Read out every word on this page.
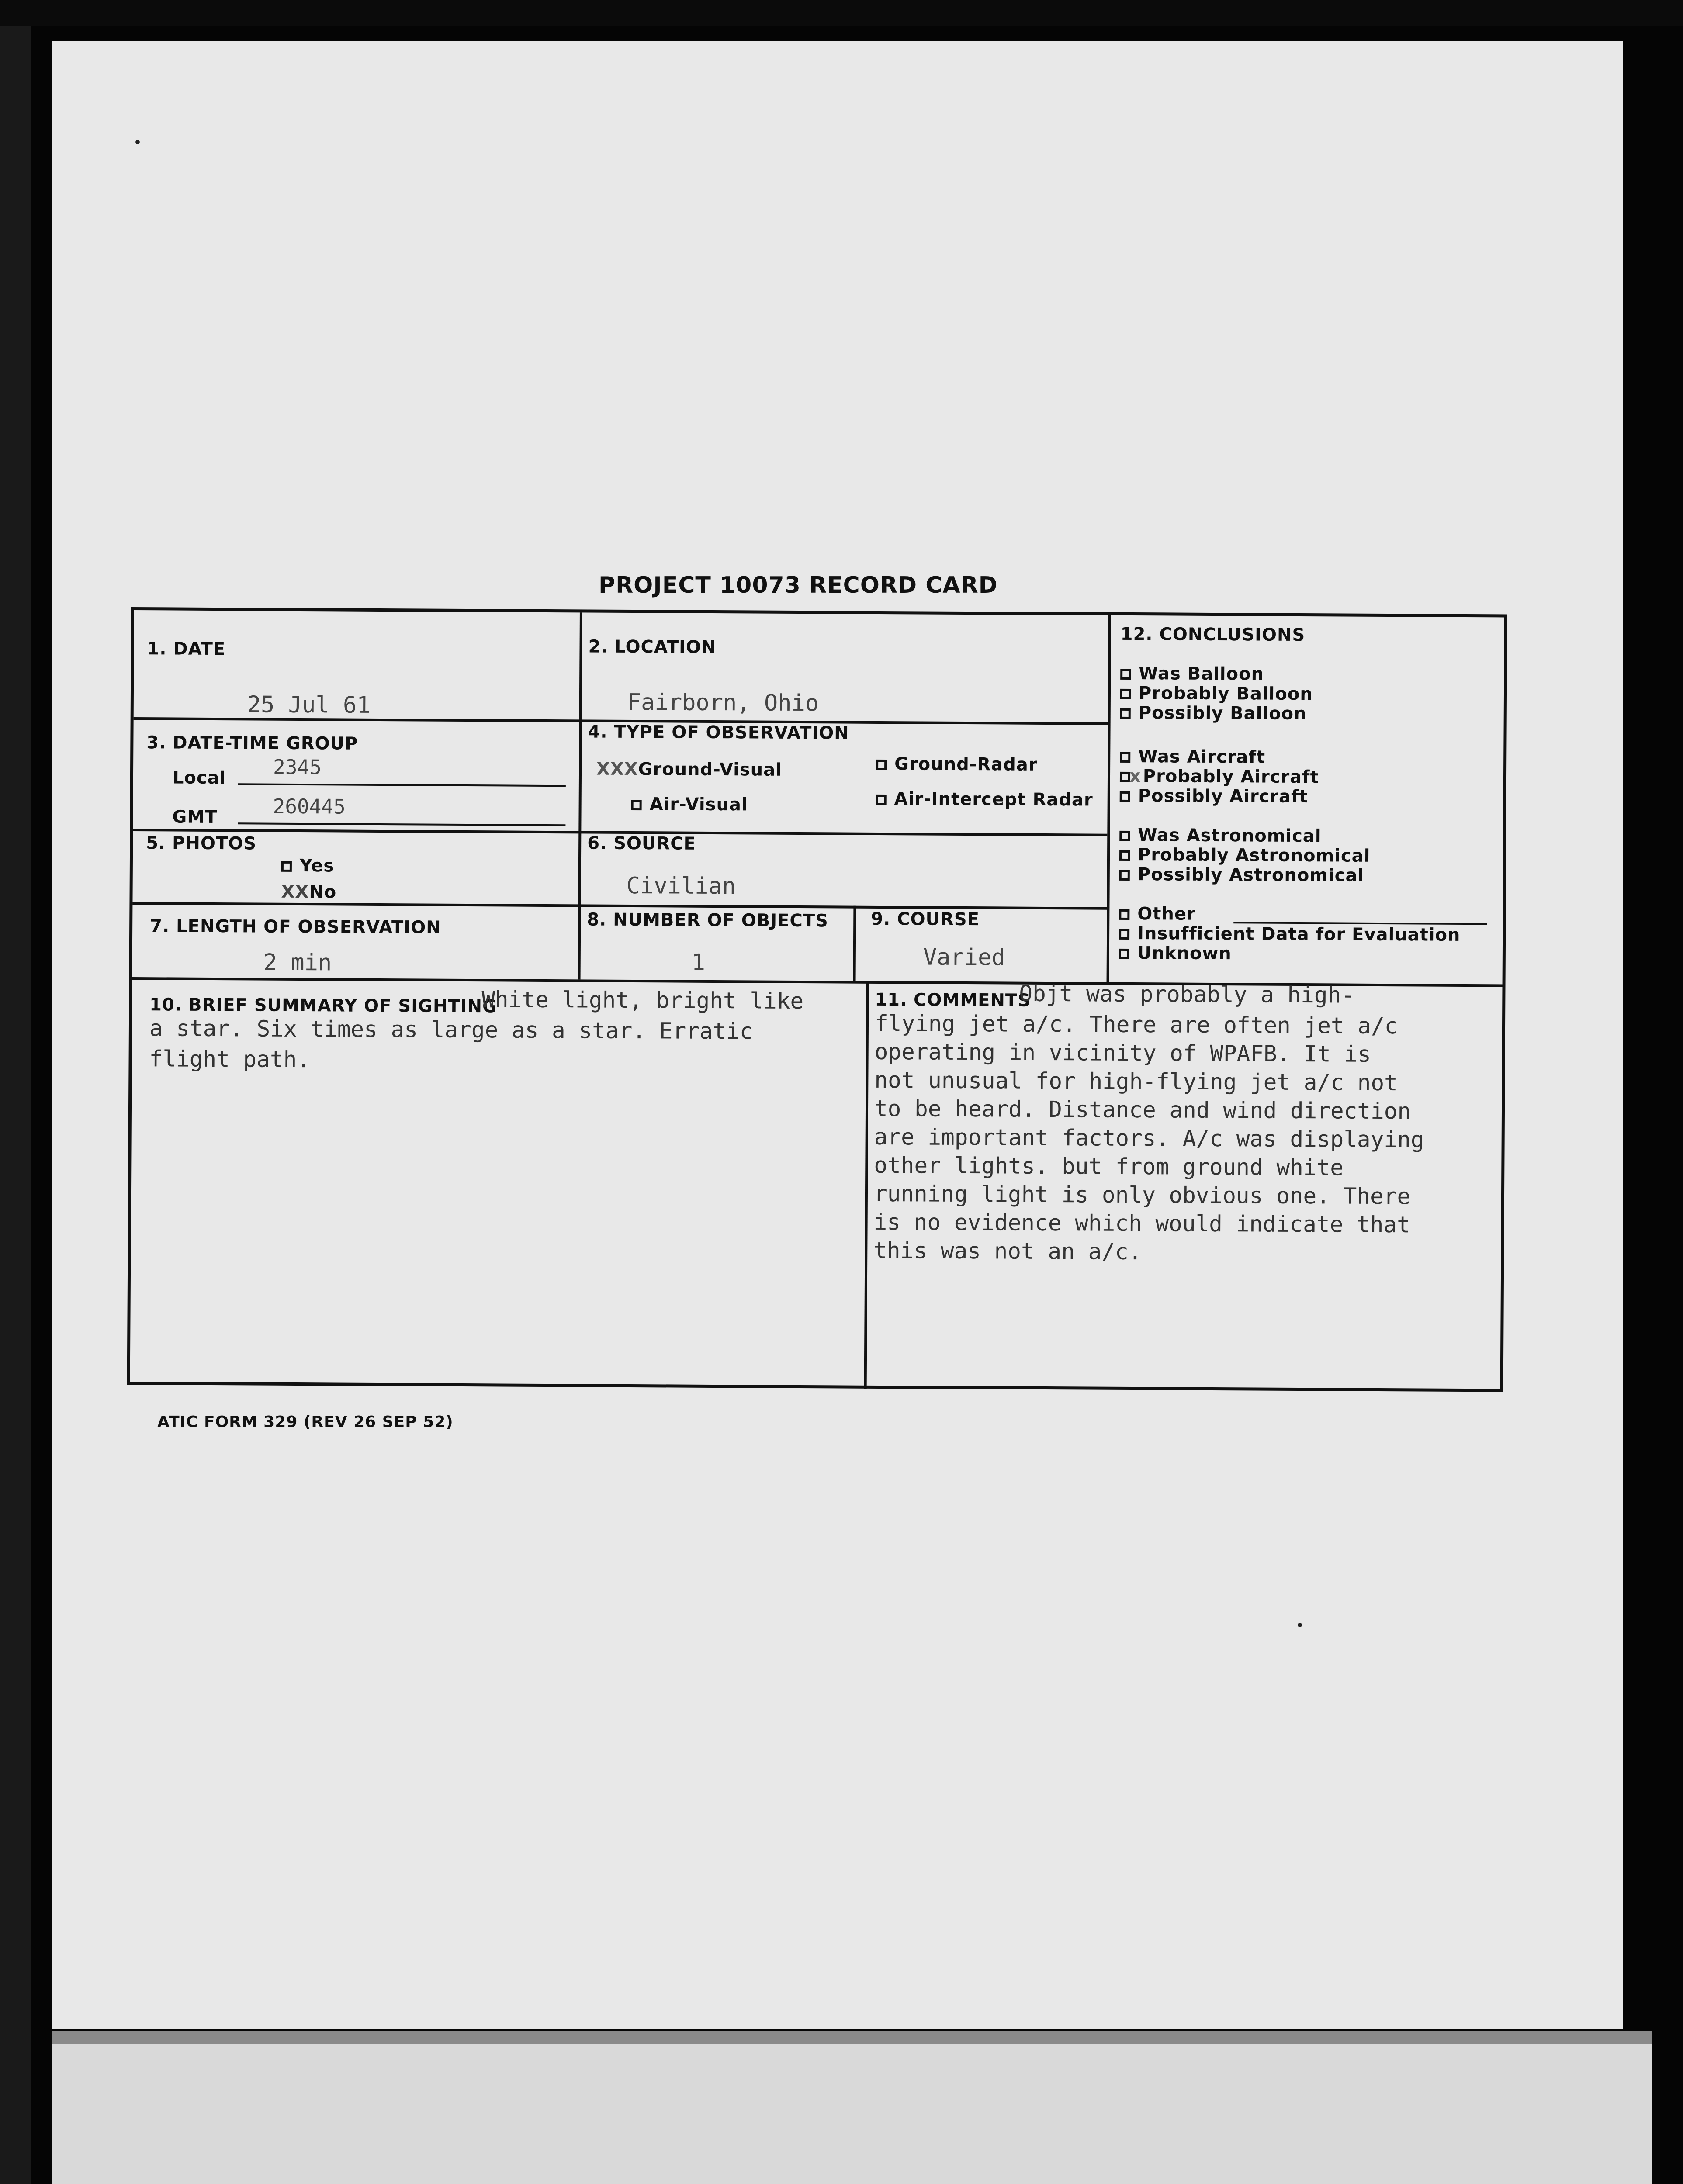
PROJECT 10073 RECORD CARD
1. DATE
25 Jul 61
2. LOCATION
Fairborn, Ohio
3. DATE-TIME GROUP
Local 2345
GMT	260445
4. TYPE OF OBSERVATION
XXXGround-Visual	Ground-Radar
Air-Visual	Air-Intercept Radar
5. PHOTOS
Yes
XXNo
6. SOURCE
Civilian
7. LENGTH OF OBSERVATION
2 min
8. NUMBER OF OBJECTS
1
9. COURSE
Varied
10. BRIEF SUMMARY OF SIGHTING
White light, bright like
a star. Six times as large as a star. Erratic
flight path.
11. COMMENTS
Objt was probably a high-
flying jet a/c. There are often jet a/c
operating in vicinity of WPAFB. It is
not unusual for high-flying jet a/c not
to be heard. Distance and wind direction
are important factors. A/c was displaying
other lights. but from ground white
running light is only obvious one. There
is no evidence which would indicate that
this was not an a/c.
12. CONCLUSIONS
Was Balloon
Probably Balloon
Possibly Balloon
Was Aircraft
xProbably Aircraft
Possibly Aircraft
Was Astronomical
Probably Astronomical
Possibly Astronomical
Other
Insufficient Data for Evaluation
Unknown
ATIC FORM 329 (REV 26 SEP 52)
